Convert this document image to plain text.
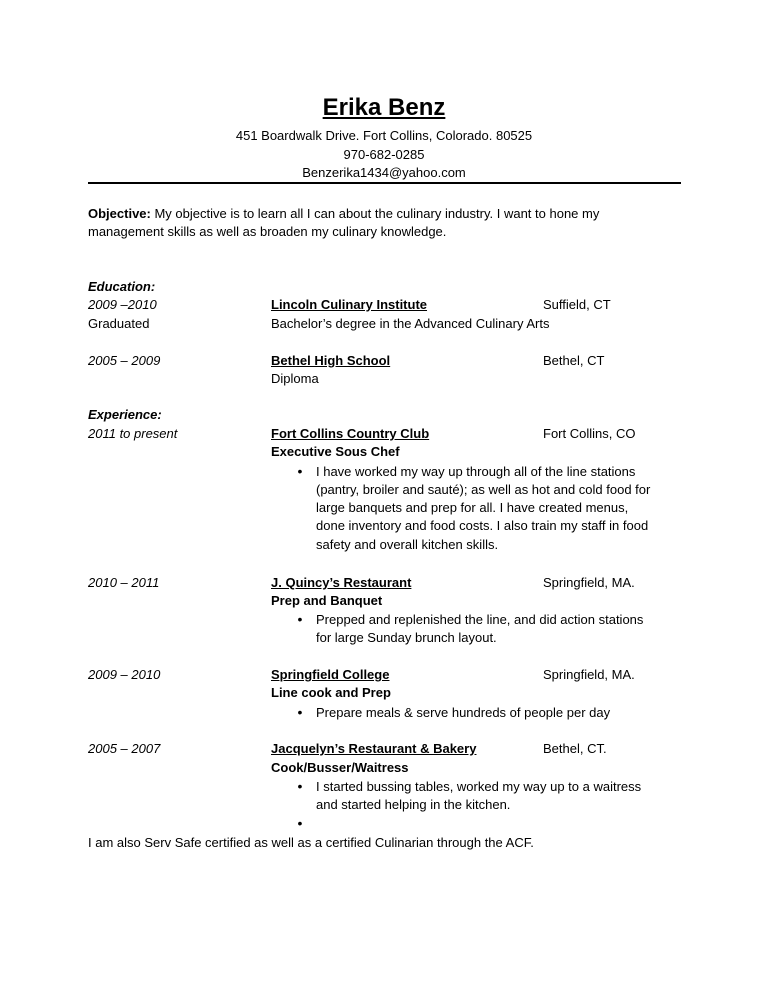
Erika Benz
451 Boardwalk Drive. Fort Collins, Colorado. 80525
970-682-0285
Benzerika1434@yahoo.com
Objective: My objective is to learn all I can about the culinary industry. I want to hone my
management skills as well as broaden my culinary knowledge.
Education:
2009 –2010	Lincoln Culinary Institute	Suffield, CT
Graduated	Bachelor’s degree in the Advanced Culinary Arts
2005 – 2009	Bethel High School	Bethel, CT
Diploma
Experience:
2011 to present	Fort Collins Country Club	Fort Collins, CO
Executive Sous Chef
•	I have worked my way up through all of the line stations
(pantry, broiler and sauté); as well as hot and cold food for
large banquets and prep for all. I have created menus,
done inventory and food costs. I also train my staff in food
safety and overall kitchen skills.
2010 – 2011	J. Quincy’s Restaurant	Springfield, MA.
Prep and Banquet
•	Prepped and replenished the line, and did action stations
for large Sunday brunch layout.
2009 – 2010	Springfield College	Springfield, MA.
Line cook and Prep
•	Prepare meals & serve hundreds of people per day
2005 – 2007	Jacquelyn’s Restaurant & Bakery	Bethel, CT.
Cook/Busser/Waitress
•	I started bussing tables, worked my way up to a waitress
and started helping in the kitchen.
•
I am also Serv Safe certified as well as a certified Culinarian through the ACF.
